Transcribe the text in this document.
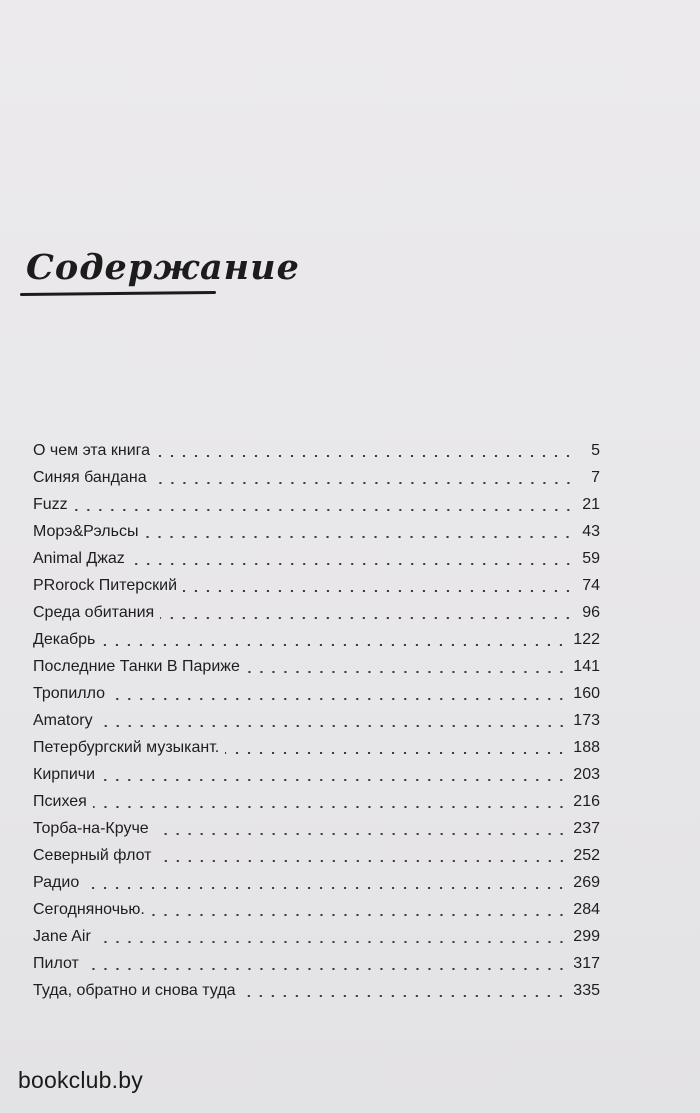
Содержание
О чем эта книга	5
Синяя бандана	7
Fuzz	21
Морэ&Рэльсы	43
Animal Джаz	59
PRorock Питерский	74
Среда обитания	96
Декабрь	122
Последние Танки В Париже	141
Тропилло	160
Amatory	173
Петербургский музыкант.	188
Кирпичи	203
Психея	216
Торба-на-Круче	237
Северный флот	252
Радио	269
Сегодняночью.	284
Jane Air	299
Пилот	317
Туда, обратно и снова туда	335
bookclub.by
